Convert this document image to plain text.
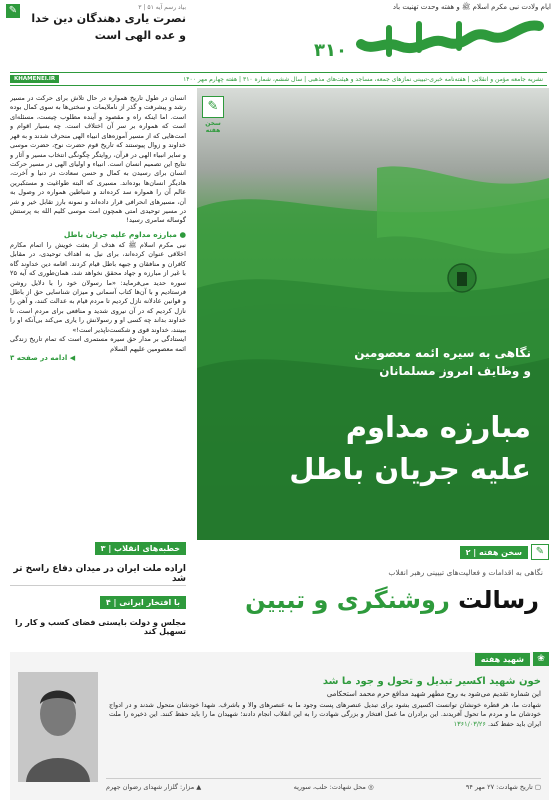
ایام ولادت نبی مکرم اسلام ﷺ و هفته وحدت تهنیت باد
۳۱۰
✎	بیاد رسم آیه ۵۱ | ۳
نصرت یاری دهندگان دین خدا و عده الهی است
نشریه جامعه مؤمن و انقلابی | هفته‌نامه خبری-تبیینی نمازهای جمعه، مساجد و هیئت‌های مذهبی | سال ششم، شماره ۳۱۰ | هفته چهارم مهر ۱۴۰۰
KHAMENEI.IR
انسان در طول تاریخ همواره در حال تلاش برای حرکت در مسیر رشد و پیشرفت و گذر از ناملایمات و سختی‌ها به سوی کمال بوده است. اما اینکه راه و مقصود و آینده مطلوب چیست، مسئله‌ای است که همواره بر سر آن اختلاف است. چه بسیار اقوام و امت‌هایی که از مسیر آموزه‌های انبیاء الهی منحرف شدند و به قهر خداوند و زوال پیوستند که تاریخ قوم حضرت نوح، حضرت موسی و سایر انبیاء الهی در قرآن، روایتگر چگونگی انتخاب مسیر و آثار و نتایج این تصمیم انسان است. انبیاء و اولیای الهی در مسیر حرکت انسان برای رسیدن به کمال و حسن سعادت در دنیا و آخرت، هادیگر انسان‌ها بوده‌اند. مسیری که البته طواغیت و مستکبرین عالم آن را همواره سد کرده‌اند و شیاطین همواره در وصول به آن، مسیرهای انحرافی قرار داده‌اند و نمونه بارز تقابل خیر و شر در مسیر توحیدی امتی همچون امت موسی کلیم الله به پرستش گوساله سامری رسید!
● مبارزه مداوم علیه جریان باطل
نبی مکرم اسلام ﷺ که هدف از بعثت خویش را اتمام مکارم اخلاقی عنوان کرده‌اند، برای نیل به اهداف توحیدی، در مقابل کافران و منافقان و جبهه باطل قیام کردند. اقامه دین خداوند گاه با غیر از مبارزه و جهاد محقق نخواهد شد، همان‌طوری که آیه ۲۵ سوره حدید می‌فرماید: «ما رسولان خود را با دلایل روشن فرستادیم و با آن‌ها کتاب آسمانی و میزان شناسایی حق از باطل و قوانین عادلانه نازل کردیم تا مردم قیام به عدالت کنند، و آهن را نازل کردیم که در آن نیروی شدید و منافعی برای مردم است، تا خداوند بداند چه کسی او و رسولانش را یاری می‌کند بی‌آنکه او را ببینند، خداوند قوی و شکست‌ناپذیر است!»
ایستادگی بر مدار حق سیره مستمری است که تمام تاریخ زندگی ائمه معصومین علیهم السلام
◀ ادامه در صفحه ۳
✎
سخن هفته
نگاهی به سیره ائمه معصومین
و وظایف امروز مسلمانان
مبارزه مداوم
علیه جریان باطل
خطبه‌های انقلاب | ۳
اراده ملت ایران در میدان دفاع راسخ تر شد
با افتخار ایرانی | ۴
مجلس و دولت بایستی فضای کسب و کار را تسهیل کند
✎
سخن هفته | ۲
نگاهی به اقدامات و فعالیت‌های تبیینی رهبر انقلاب
رسالت روشنگری و تبیین
❀
شهید هفته
خون شهید اکسیر تبدیل و تحول و جود ما شد
این شماره تقدیم می‌شود به روح مطهر شهید مدافع حرم محمد استحکامی
شهادت ما، هر قطره خونشان توانست اکسیری بشود برای تبدیل عنصرهای پست وجود ما به عنصرهای والا و باشرف. شهدا خودشان متحول شدند و در ادواج خودشان ما و مردم ما تحول آفریدند. این برادران ما عمل افتخار و بزرگی شهادت را به این انقلاب انجام دادند؛ شهیدان ما را باید حفظ کنند. این ذخیره را ملت ایران باید حفظ کند. ۱۳۶۱/۰۳/۲۶
▢ تاریخ شهادت: ۲۷ مهر ۹۴
◎ محل شهادت: حلب، سوریه
▲ مزار: گلزار شهدای رضوان جهرم
